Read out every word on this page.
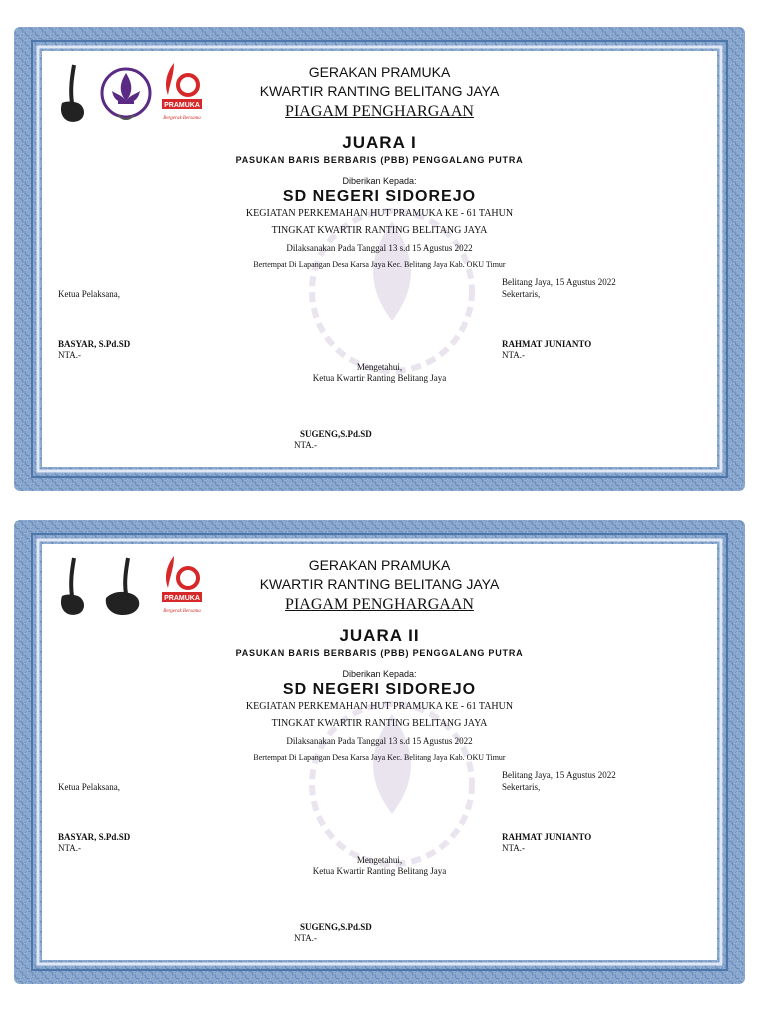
PRAMUKA
Bergerak Bersama
GERAKAN PRAMUKA
KWARTIR RANTING BELITANG JAYA
PIAGAM PENGHARGAAN
JUARA I
PASUKAN BARIS BERBARIS (PBB) PENGGALANG PUTRA
Diberikan Kepada:
SD NEGERI SIDOREJO
KEGIATAN PERKEMAHAN HUT PRAMUKA KE - 61 TAHUN
TINGKAT KWARTIR RANTING BELITANG JAYA
Dilaksanakan Pada Tanggal 13 s.d 15 Agustus 2022
Bertempat Di Lapangan Desa Karsa Jaya Kec. Belitang Jaya Kab. OKU Timur
Ketua Pelaksana,
Belitang Jaya, 15 Agustus 2022
Sekertaris,
BASYAR, S.Pd.SD
NTA.-
RAHMAT JUNIANTO
NTA.-
Mengetahui,
Ketua Kwartir Ranting Belitang Jaya
SUGENG,S.Pd.SD
NTA.-
PRAMUKA
Bergerak Bersama
GERAKAN PRAMUKA
KWARTIR RANTING BELITANG JAYA
PIAGAM PENGHARGAAN
JUARA II
PASUKAN BARIS BERBARIS (PBB) PENGGALANG PUTRA
Diberikan Kepada:
SD NEGERI SIDOREJO
KEGIATAN PERKEMAHAN HUT PRAMUKA KE - 61 TAHUN
TINGKAT KWARTIR RANTING BELITANG JAYA
Dilaksanakan Pada Tanggal 13 s.d 15 Agustus 2022
Bertempat Di Lapangan Desa Karsa Jaya Kec. Belitang Jaya Kab. OKU Timur
Ketua Pelaksana,
Belitang Jaya, 15 Agustus 2022
Sekertaris,
BASYAR, S.Pd.SD
NTA.-
RAHMAT JUNIANTO
NTA.-
Mengetahui,
Ketua Kwartir Ranting Belitang Jaya
SUGENG,S.Pd.SD
NTA.-
